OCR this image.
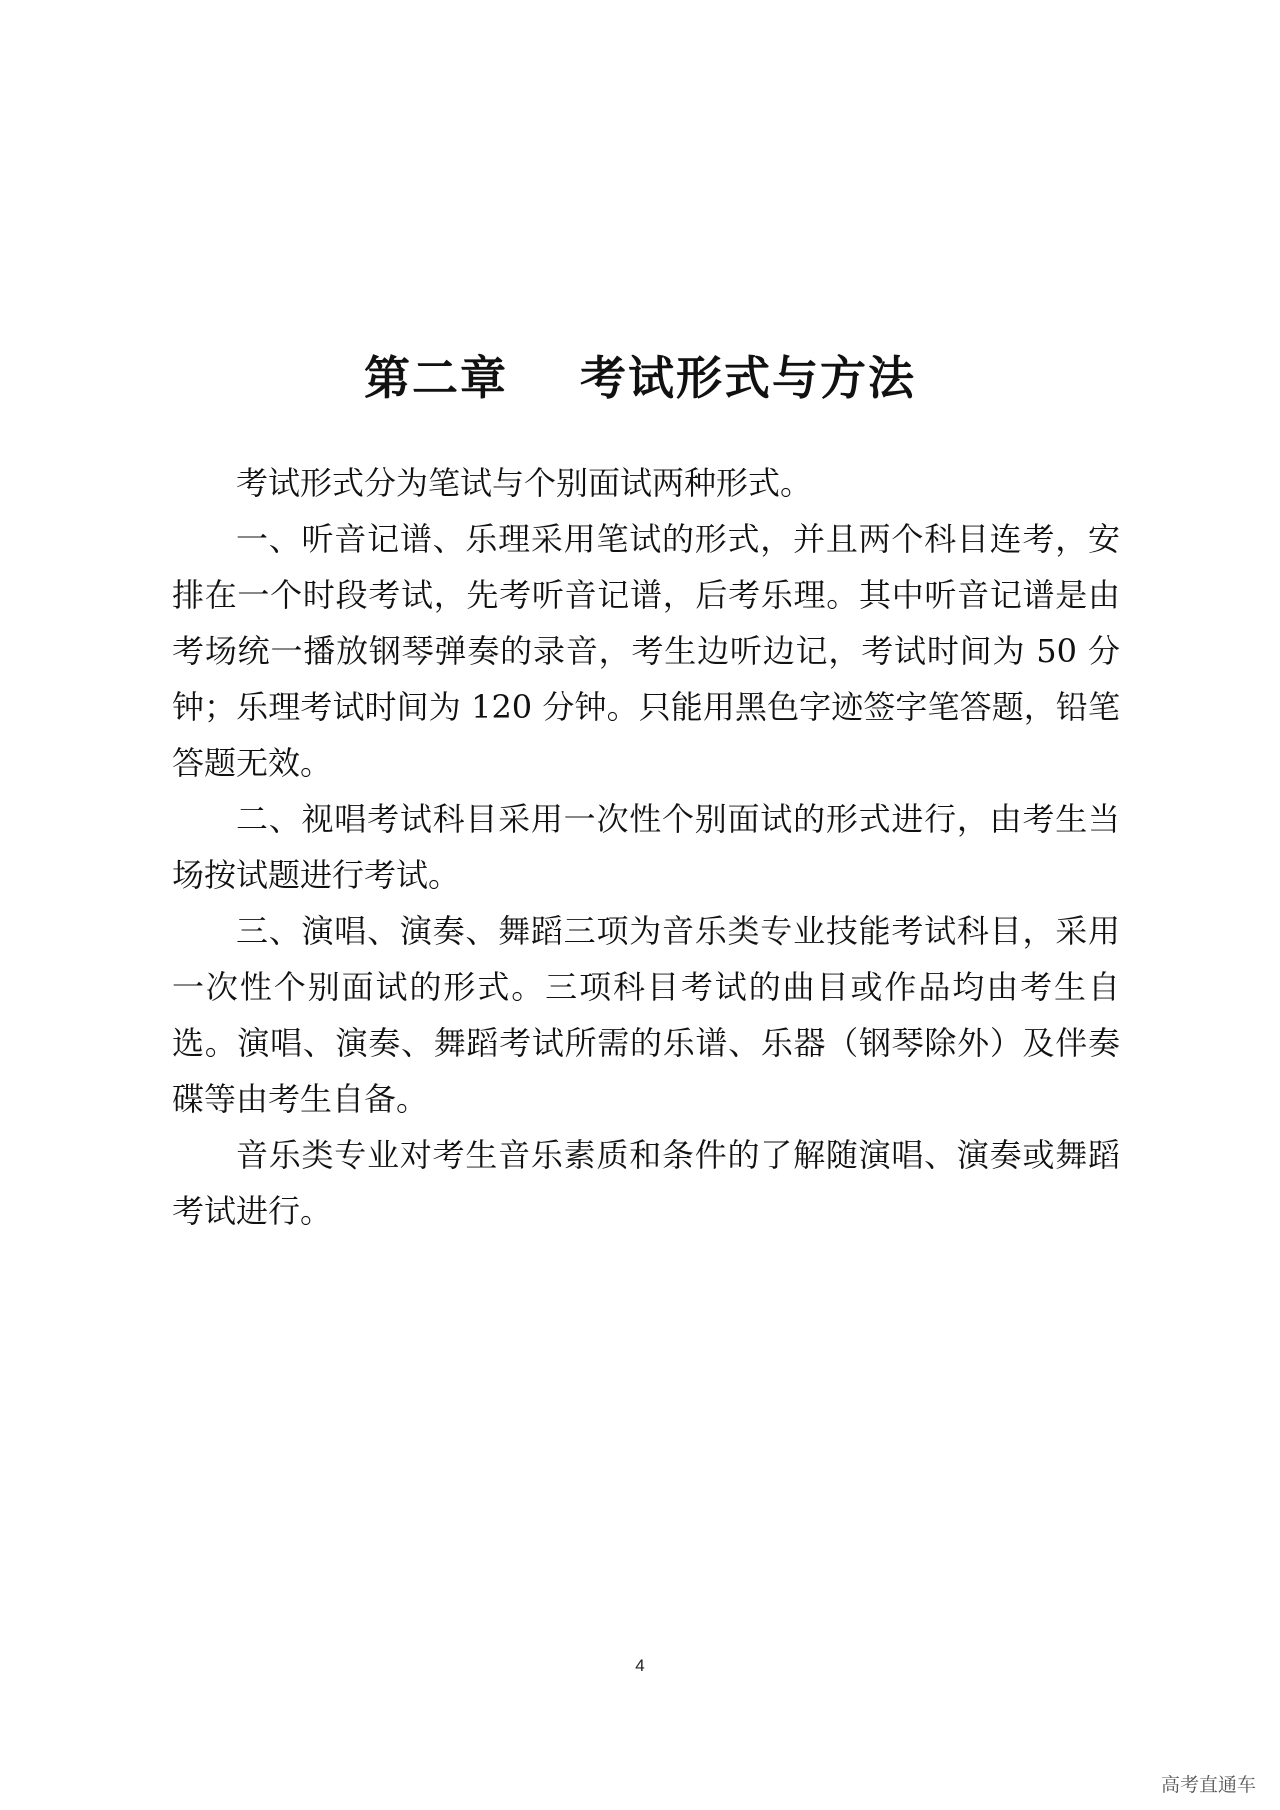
第二章    考试形式与方法

考试形式分为笔试与个别面试两种形式。

一、听音记谱、乐理采用笔试的形式，并且两个科目连考，安排在一个时段考试，先考听音记谱，后考乐理。其中听音记谱是由考场统一播放钢琴弹奏的录音，考生边听边记，考试时间为 50 分钟；乐理考试时间为 120 分钟。只能用黑色字迹签字笔答题，铅笔答题无效。

二、视唱考试科目采用一次性个别面试的形式进行，由考生当场按试题进行考试。

三、演唱、演奏、舞蹈三项为音乐类专业技能考试科目，采用一次性个别面试的形式。三项科目考试的曲目或作品均由考生自选。演唱、演奏、舞蹈考试所需的乐谱、乐器（钢琴除外）及伴奏碟等由考生自备。

音乐类专业对考生音乐素质和条件的了解随演唱、演奏或舞蹈考试进行。

4
高考直通车
